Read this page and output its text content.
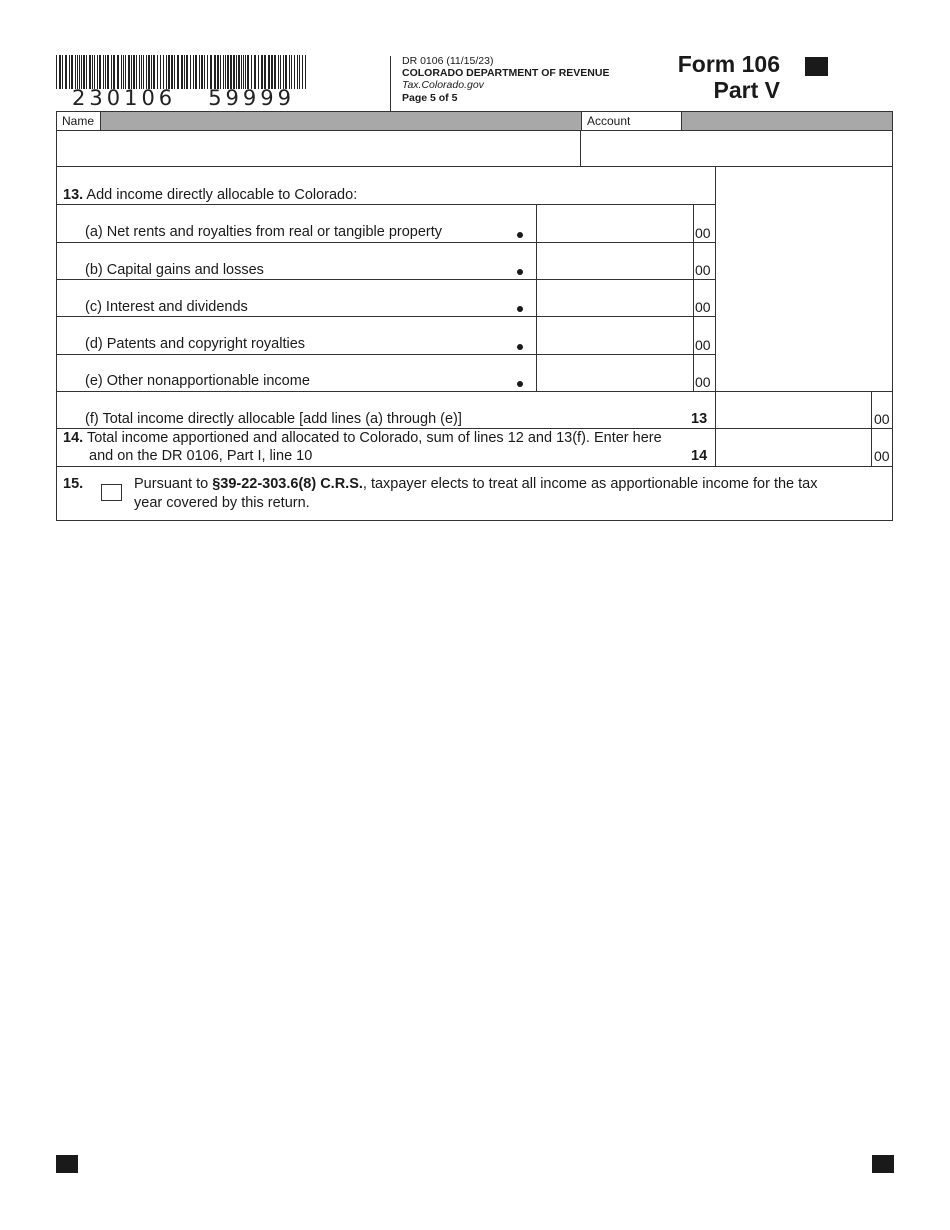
230106   59999
DR 0106 (11/15/23)
COLORADO DEPARTMENT OF REVENUE
Tax.Colorado.gov
Page 5 of 5
Form 106
Part V
Name	Account
13. Add income directly allocable to Colorado:
(a) Net rents and royalties from real or tangible property	00
(b) Capital gains and losses	00
(c) Interest and dividends	00
(d) Patents and copyright royalties	00
(e) Other nonapportionable income	00
(f) Total income directly allocable [add lines (a) through (e)]	13	00
14. Total income apportioned and allocated to Colorado, sum of lines 12 and 13(f). Enter here
and on the DR 0106, Part I, line 10	14	00
15.	Pursuant to §39-22-303.6(8) C.R.S., taxpayer elects to treat all income as apportionable income for the tax
year covered by this return.
